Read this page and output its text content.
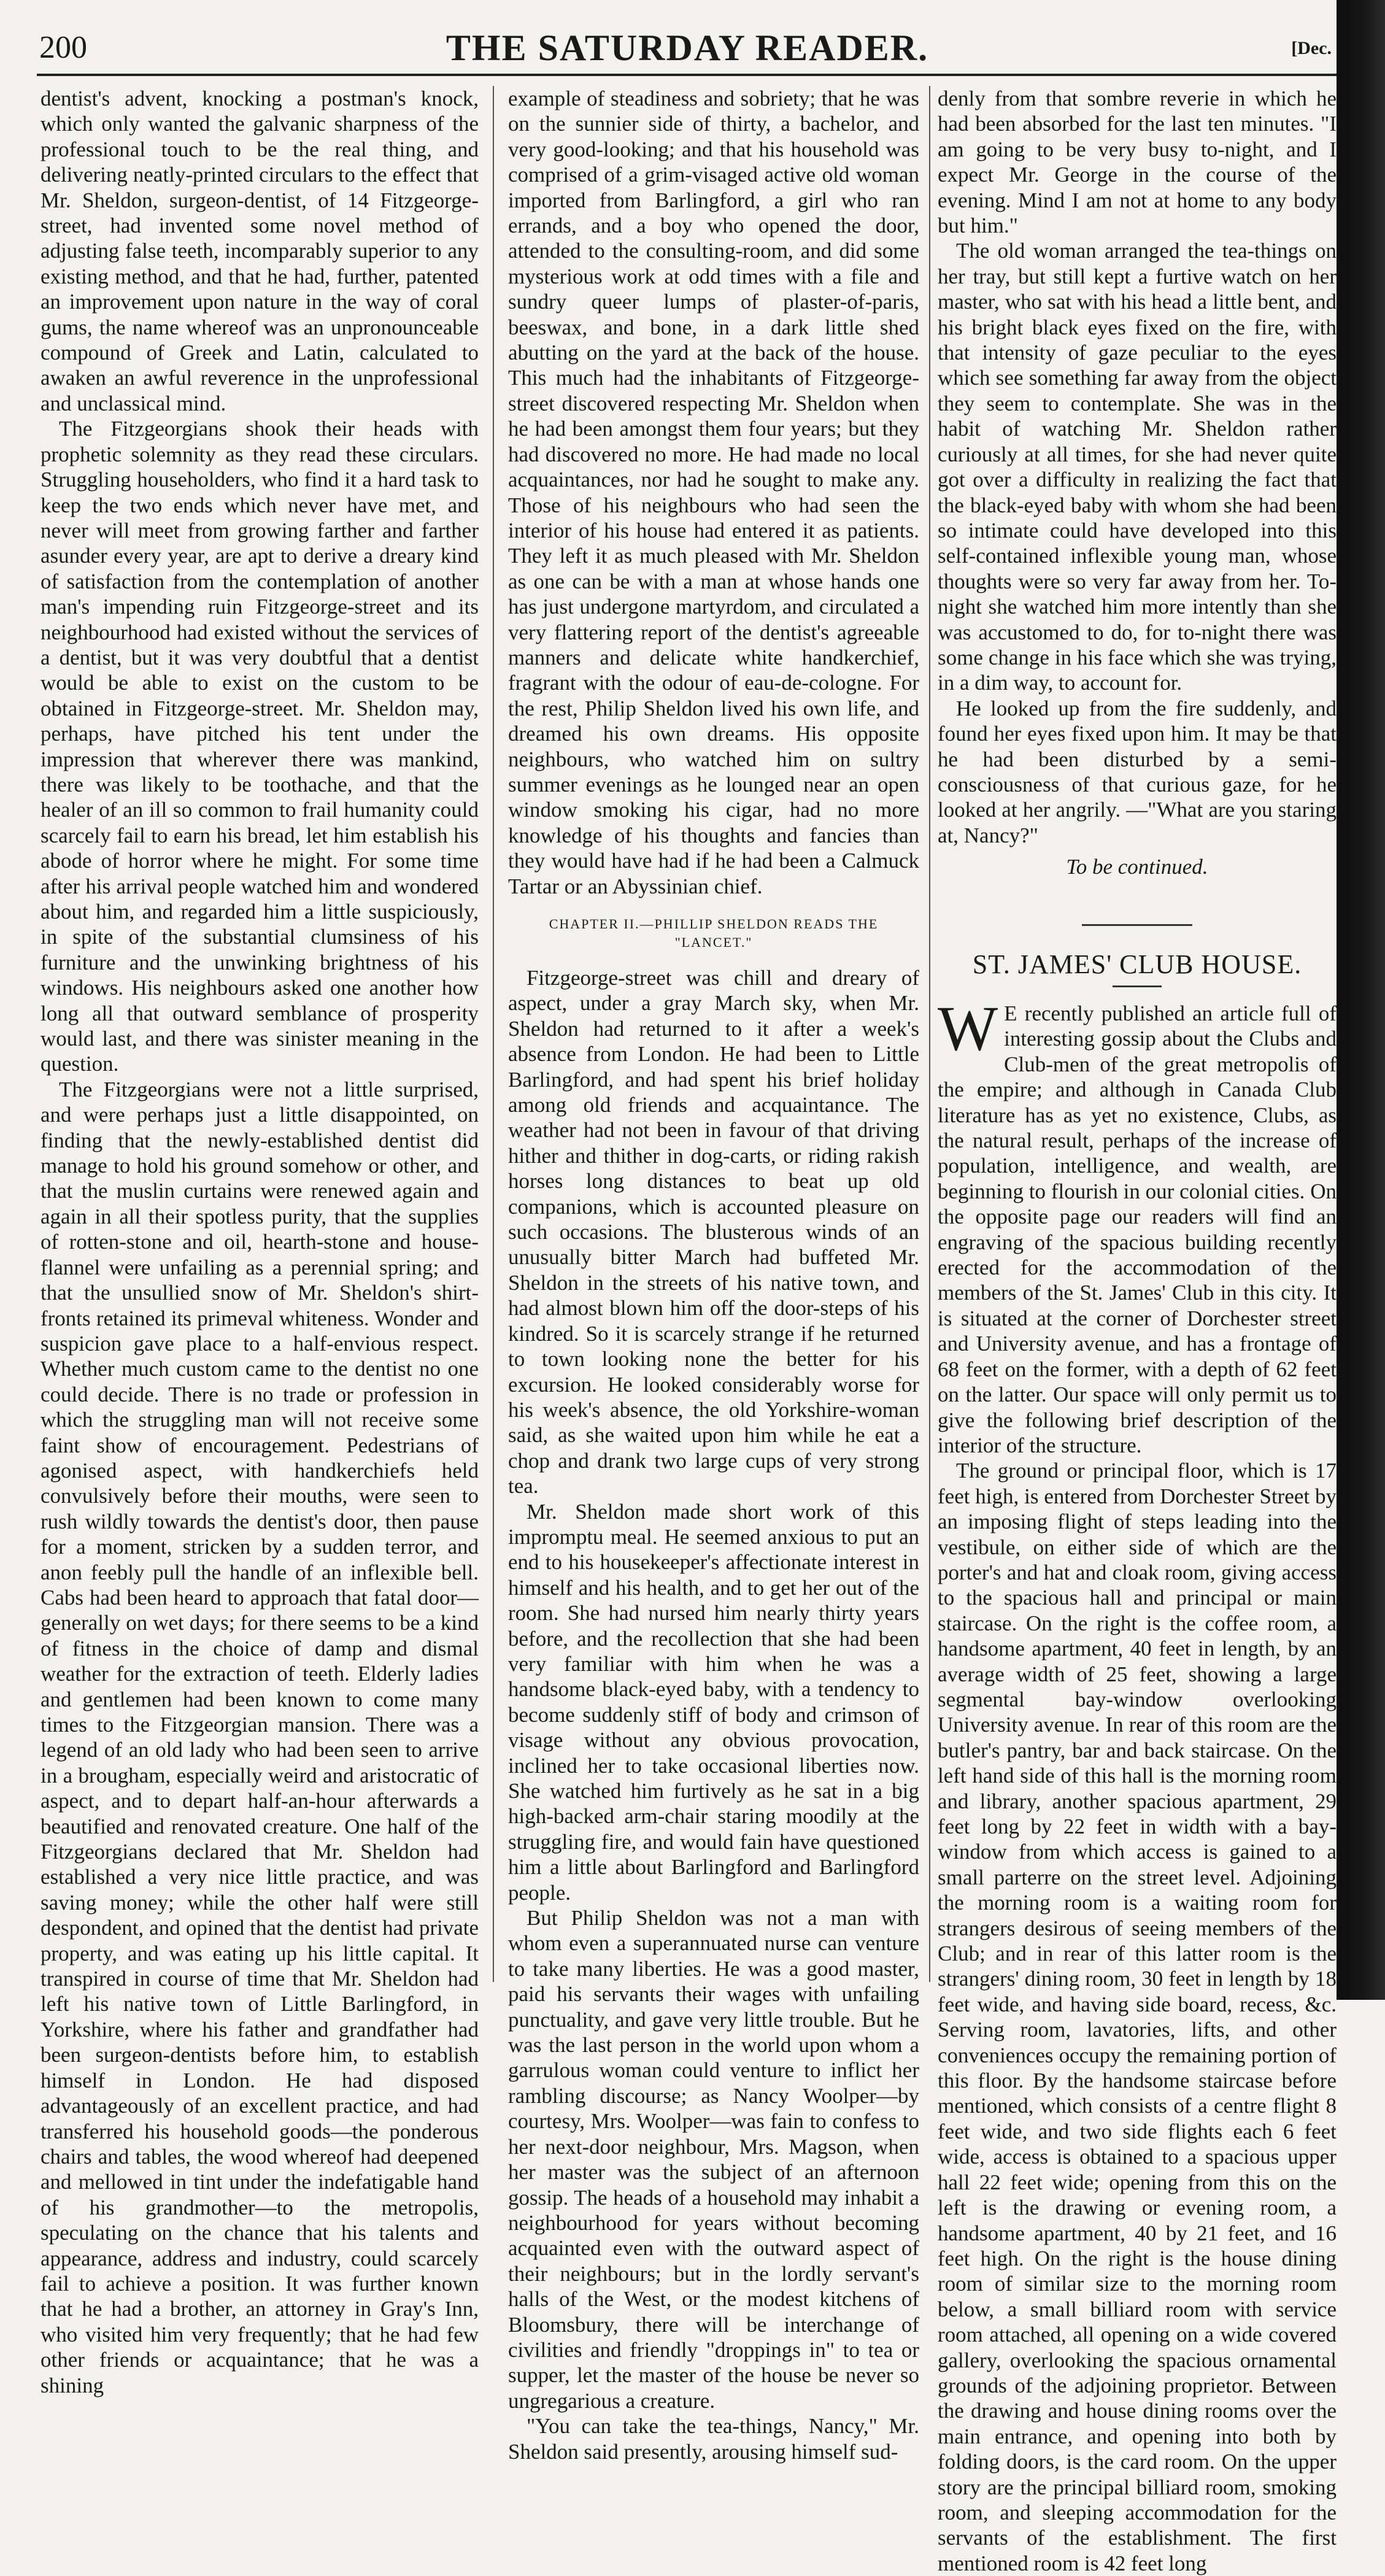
200	THE SATURDAY READER.	[Dec.

dentist's advent, knocking a postman's knock, which only wanted the galvanic sharpness of the professional touch to be the real thing, and delivering neatly-printed circulars to the effect that Mr. Sheldon, surgeon-dentist, of 14 Fitzgeorge-street, had invented some novel method of adjusting false teeth, incomparably superior to any existing method, and that he had, further, patented an improvement upon nature in the way of coral gums, the name whereof was an unpronounceable compound of Greek and Latin, calculated to awaken an awful reverence in the unprofessional and unclassical mind.

The Fitzgeorgians shook their heads with prophetic solemnity as they read these circulars. Struggling householders, who find it a hard task to keep the two ends which never have met, and never will meet from growing farther and farther asunder every year, are apt to derive a dreary kind of satisfaction from the contemplation of another man's impending ruin Fitzgeorge-street and its neighbourhood had existed without the services of a dentist, but it was very doubtful that a dentist would be able to exist on the custom to be obtained in Fitzgeorge-street. Mr. Sheldon may, perhaps, have pitched his tent under the impression that wherever there was mankind, there was likely to be toothache, and that the healer of an ill so common to frail humanity could scarcely fail to earn his bread, let him establish his abode of horror where he might. For some time after his arrival people watched him and wondered about him, and regarded him a little suspiciously, in spite of the substantial clumsiness of his furniture and the unwinking brightness of his windows. His neighbours asked one another how long all that outward semblance of prosperity would last, and there was sinister meaning in the question.

The Fitzgeorgians were not a little surprised, and were perhaps just a little disappointed, on finding that the newly-established dentist did manage to hold his ground somehow or other, and that the muslin curtains were renewed again and again in all their spotless purity, that the supplies of rotten-stone and oil, hearth-stone and house-flannel were unfailing as a perennial spring; and that the unsullied snow of Mr. Sheldon's shirt-fronts retained its primeval whiteness. Wonder and suspicion gave place to a half-envious respect. Whether much custom came to the dentist no one could decide. There is no trade or profession in which the struggling man will not receive some faint show of encouragement. Pedestrians of agonised aspect, with handkerchiefs held convulsively before their mouths, were seen to rush wildly towards the dentist's door, then pause for a moment, stricken by a sudden terror, and anon feebly pull the handle of an inflexible bell. Cabs had been heard to approach that fatal door—generally on wet days; for there seems to be a kind of fitness in the choice of damp and dismal weather for the extraction of teeth. Elderly ladies and gentlemen had been known to come many times to the Fitzgeorgian mansion. There was a legend of an old lady who had been seen to arrive in a brougham, especially weird and aristocratic of aspect, and to depart half-an-hour afterwards a beautified and renovated creature. One half of the Fitzgeorgians declared that Mr. Sheldon had established a very nice little practice, and was saving money; while the other half were still despondent, and opined that the dentist had private property, and was eating up his little capital. It transpired in course of time that Mr. Sheldon had left his native town of Little Barlingford, in Yorkshire, where his father and grandfather had been surgeon-dentists before him, to establish himself in London. He had disposed advantageously of an excellent practice, and had transferred his household goods—the ponderous chairs and tables, the wood whereof had deepened and mellowed in tint under the indefatigable hand of his grandmother—to the metropolis, speculating on the chance that his talents and appearance, address and industry, could scarcely fail to achieve a position. It was further known that he had a brother, an attorney in Gray's Inn, who visited him very frequently; that he had few other friends or acquaintance; that he was a shining

example of steadiness and sobriety; that he was on the sunnier side of thirty, a bachelor, and very good-looking; and that his household was comprised of a grim-visaged active old woman imported from Barlingford, a girl who ran errands, and a boy who opened the door, attended to the consulting-room, and did some mysterious work at odd times with a file and sundry queer lumps of plaster-of-paris, beeswax, and bone, in a dark little shed abutting on the yard at the back of the house. This much had the inhabitants of Fitzgeorge-street discovered respecting Mr. Sheldon when he had been amongst them four years; but they had discovered no more. He had made no local acquaintances, nor had he sought to make any. Those of his neighbours who had seen the interior of his house had entered it as patients. They left it as much pleased with Mr. Sheldon as one can be with a man at whose hands one has just undergone martyrdom, and circulated a very flattering report of the dentist's agreeable manners and delicate white handkerchief, fragrant with the odour of eau-de-cologne. For the rest, Philip Sheldon lived his own life, and dreamed his own dreams. His opposite neighbours, who watched him on sultry summer evenings as he lounged near an open window smoking his cigar, had no more knowledge of his thoughts and fancies than they would have had if he had been a Calmuck Tartar or an Abyssinian chief.

CHAPTER II.—PHILLIP SHELDON READS THE "LANCET."

Fitzgeorge-street was chill and dreary of aspect, under a gray March sky, when Mr. Sheldon had returned to it after a week's absence from London. He had been to Little Barlingford, and had spent his brief holiday among old friends and acquaintance. The weather had not been in favour of that driving hither and thither in dog-carts, or riding rakish horses long distances to beat up old companions, which is accounted pleasure on such occasions. The blusterous winds of an unusually bitter March had buffeted Mr. Sheldon in the streets of his native town, and had almost blown him off the door-steps of his kindred. So it is scarcely strange if he returned to town looking none the better for his excursion. He looked considerably worse for his week's absence, the old Yorkshire-woman said, as she waited upon him while he eat a chop and drank two large cups of very strong tea.

Mr. Sheldon made short work of this impromptu meal. He seemed anxious to put an end to his housekeeper's affectionate interest in himself and his health, and to get her out of the room. She had nursed him nearly thirty years before, and the recollection that she had been very familiar with him when he was a handsome black-eyed baby, with a tendency to become suddenly stiff of body and crimson of visage without any obvious provocation, inclined her to take occasional liberties now. She watched him furtively as he sat in a big high-backed arm-chair staring moodily at the struggling fire, and would fain have questioned him a little about Barlingford and Barlingford people.

But Philip Sheldon was not a man with whom even a superannuated nurse can venture to take many liberties. He was a good master, paid his servants their wages with unfailing punctuality, and gave very little trouble. But he was the last person in the world upon whom a garrulous woman could venture to inflict her rambling discourse; as Nancy Woolper—by courtesy, Mrs. Woolper—was fain to confess to her next-door neighbour, Mrs. Magson, when her master was the subject of an afternoon gossip. The heads of a household may inhabit a neighbourhood for years without becoming acquainted even with the outward aspect of their neighbours; but in the lordly servant's halls of the West, or the modest kitchens of Bloomsbury, there will be interchange of civilities and friendly "droppings in" to tea or supper, let the master of the house be never so ungregarious a creature.

"You can take the tea-things, Nancy," Mr. Sheldon said presently, arousing himself sud-

denly from that sombre reverie in which he had been absorbed for the last ten minutes. "I am going to be very busy to-night, and I expect Mr. George in the course of the evening. Mind I am not at home to any body but him."

The old woman arranged the tea-things on her tray, but still kept a furtive watch on her master, who sat with his head a little bent, and his bright black eyes fixed on the fire, with that intensity of gaze peculiar to the eyes which see something far away from the object they seem to contemplate. She was in the habit of watching Mr. Sheldon rather curiously at all times, for she had never quite got over a difficulty in realizing the fact that the black-eyed baby with whom she had been so intimate could have developed into this self-contained inflexible young man, whose thoughts were so very far away from her. To-night she watched him more intently than she was accustomed to do, for to-night there was some change in his face which she was trying, in a dim way, to account for.

He looked up from the fire suddenly, and found her eyes fixed upon him. It may be that he had been disturbed by a semi-consciousness of that curious gaze, for he looked at her angrily. —"What are you staring at, Nancy?"

To be continued.
ST. JAMES' CLUB HOUSE.

W E recently published an article full of interesting gossip about the Clubs and Club-men of the great metropolis of the empire; and although in Canada Club literature has as yet no existence, Clubs, as the natural result, perhaps of the increase of population, intelligence, and wealth, are beginning to flourish in our colonial cities. On the opposite page our readers will find an engraving of the spacious building recently erected for the accommodation of the members of the St. James' Club in this city. It is situated at the corner of Dorchester street and University avenue, and has a frontage of 68 feet on the former, with a depth of 62 feet on the latter. Our space will only permit us to give the following brief description of the interior of the structure.

The ground or principal floor, which is 17 feet high, is entered from Dorchester Street by an imposing flight of steps leading into the vestibule, on either side of which are the porter's and hat and cloak room, giving access to the spacious hall and principal or main staircase. On the right is the coffee room, a handsome apartment, 40 feet in length, by an average width of 25 feet, showing a large segmental bay-window overlooking University avenue. In rear of this room are the butler's pantry, bar and back staircase. On the left hand side of this hall is the morning room and library, another spacious apartment, 29 feet long by 22 feet in width with a bay-window from which access is gained to a small parterre on the street level. Adjoining the morning room is a waiting room for strangers desirous of seeing members of the Club; and in rear of this latter room is the strangers' dining room, 30 feet in length by 18 feet wide, and having side board, recess, &c. Serving room, lavatories, lifts, and other conveniences occupy the remaining portion of this floor. By the handsome staircase before mentioned, which consists of a centre flight 8 feet wide, and two side flights each 6 feet wide, access is obtained to a spacious upper hall 22 feet wide; opening from this on the left is the drawing or evening room, a handsome apartment, 40 by 21 feet, and 16 feet high. On the right is the house dining room of similar size to the morning room below, a small billiard room with service room attached, all opening on a wide covered gallery, overlooking the spacious ornamental grounds of the adjoining proprietor. Between the drawing and house dining rooms over the main entrance, and opening into both by folding doors, is the card room. On the upper story are the principal billiard room, smoking room, and sleeping accommodation for the servants of the establishment. The first mentioned room is 42 feet long
